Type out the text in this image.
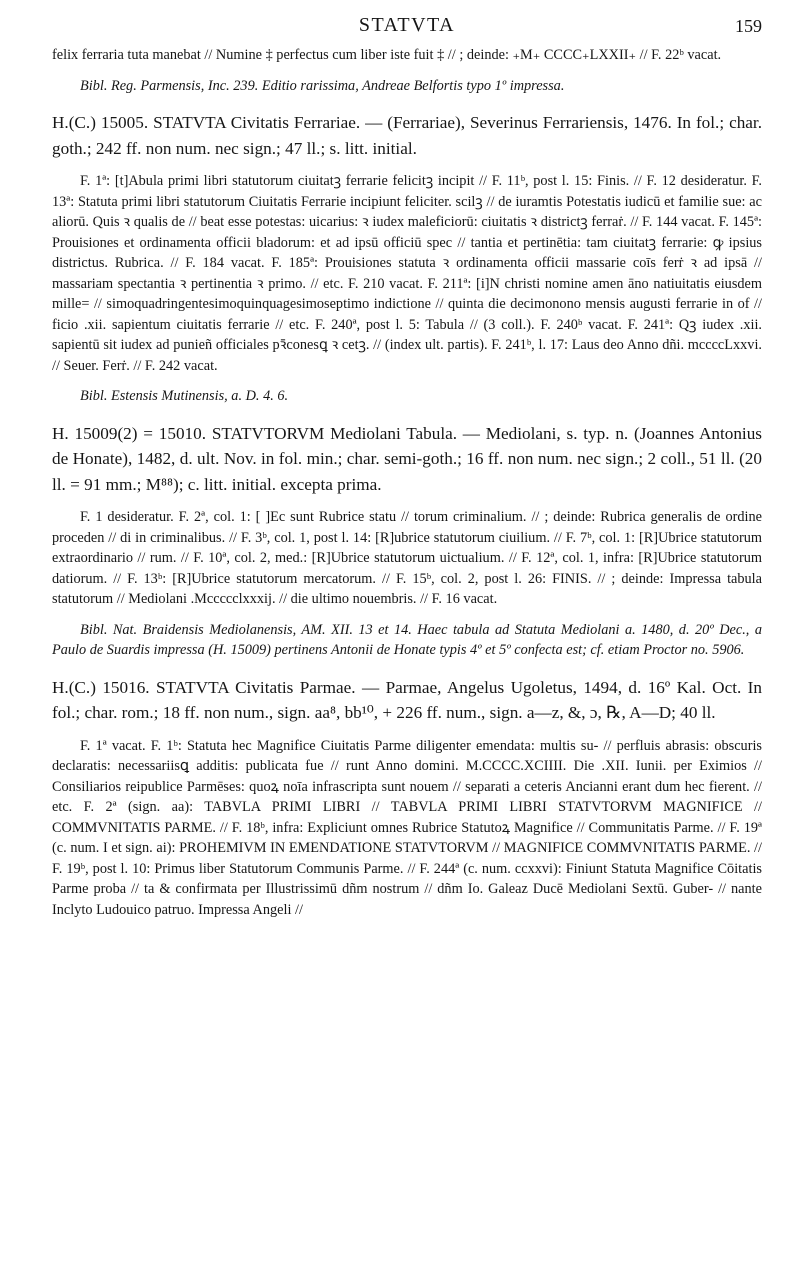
STATVTA	159

felix ferraria tuta manebat // Numine ‡ perfectus cum liber iste fuit ‡ // ; deinde: ₊M₊ CCCC₊LXXII₊ // F. 22ᵇ vacat.

Bibl. Reg. Parmensis, Inc. 239. Editio rarissima, Andreae Belfortis typo 1º impressa.

H.(C.) 15005. STATVTA Civitatis Ferrariae. — (Ferrariae), Severinus Ferrariensis, 1476. In fol.; char. goth.; 242 ff. non num. nec sign.; 47 ll.; s. litt. initial.

F. 1ª: [t]Abula primi libri statutorum ciuitatꝫ ferrarie felicitꝫ incipit // F. 11ᵇ, post l. 15: Finis. // F. 12 desideratur. F. 13ª: Statuta primi libri statutorum Ciuitatis Ferrarie incipiunt feliciter. scilꝫ // de iuramtis Potestatis iudicū et familie sue: ac aliorū. Quis ꝛ qualis de // beat esse potestas: uicarius: ꝛ iudex maleficiorū: ciuitatis ꝛ districtꝫ ferraṙ. // F. 144 vacat. F. 145ª: Prouisiones et ordinamenta officii bladorum: et ad ipsū officiū spec // tantia et pertinētia: tam ciuitatꝫ ferrarie: ꝙ ipsius districtus. Rubrica. // F. 184 vacat. F. 185ª: Prouisiones statuta ꝛ ordinamenta officii massarie coīs ferṙ ꝛ ad ipsā // massariam spectantia ꝛ pertinentia ꝛ primo. // etc. F. 210 vacat. F. 211ª: [i]N christi nomine amen āno natiuitatis eiusdem mille= // simoquadringentesimoquinquagesimoseptimo indictione // quinta die decimonono mensis augusti ferrarie in of // ficio .xii. sapientum ciuitatis ferrarie // etc. F. 240ª, post l. 5: Tabula // (3 coll.). F. 240ᵇ vacat. F. 241ª: Qꝫ iudex .xii. sapientū sit iudex ad punieñ officiales pꝛ̄conesꝗ ꝛ cetꝫ. // (index ult. partis). F. 241ᵇ, l. 17: Laus deo Anno dñi. mccccLxxvi. // Seuer. Ferṙ. // F. 242 vacat.

Bibl. Estensis Mutinensis, a. D. 4. 6.

H. 15009(2) = 15010. STATVTORVM Mediolani Tabula. — Mediolani, s. typ. n. (Joannes Antonius de Honate), 1482, d. ult. Nov. in fol. min.; char. semi-goth.; 16 ff. non num. nec sign.; 2 coll., 51 ll. (20 ll. = 91 mm.; M⁸⁸); c. litt. initial. excepta prima.

F. 1 desideratur. F. 2ª, col. 1: [ ]Ec sunt Rubrice statu // torum criminalium. // ; deinde: Rubrica generalis de ordine proceden // di in criminalibus. // F. 3ᵇ, col. 1, post l. 14: [R]ubrice statutorum ciuilium. // F. 7ᵇ, col. 1: [R]Ubrice statutorum extraordinario // rum. // F. 10ª, col. 2, med.: [R]Ubrice statutorum uictualium. // F. 12ª, col. 1, infra: [R]Ubrice statutorum datiorum. // F. 13ᵇ: [R]Ubrice statutorum mercatorum. // F. 15ᵇ, col. 2, post l. 26: FINIS. // ; deinde: Impressa tabula statutorum // Mediolani .Mccccclxxxij. // die ultimo nouembris. // F. 16 vacat.

Bibl. Nat. Braidensis Mediolanensis, AM. XII. 13 et 14. Haec tabula ad Statuta Mediolani a. 1480, d. 20º Dec., a Paulo de Suardis impressa (H. 15009) pertinens Antonii de Honate typis 4º et 5º confecta est; cf. etiam Proctor no. 5906.

H.(C.) 15016. STATVTA Civitatis Parmae. — Parmae, Angelus Ugoletus, 1494, d. 16º Kal. Oct. In fol.; char. rom.; 18 ff. non num., sign. aa⁸, bb¹⁰, + 226 ff. num., sign. a—z, &, ɔ, ℞, A—D; 40 ll.

F. 1ª vacat. F. 1ᵇ: Statuta hec Magnifice Ciuitatis Parme diligenter emendata: multis su- // perfluis abrasis: obscuris declaratis: necessariisꝗ additis: publicata fue // runt Anno domini. M.CCCC.XCIIII. Die .XII. Iunii. per Eximios // Consiliarios reipublice Parmēses: quoꝝ noīa infrascripta sunt nouem // separati a ceteris Ancianni erant dum hec fierent. // etc. F. 2ª (sign. aa): TABVLA PRIMI LIBRI // TABVLA PRIMI LIBRI STATVTORVM MAGNIFICE // COMMVNITATIS PARME. // F. 18ᵇ, infra: Expliciunt omnes Rubrice Statutoꝝ Magnifice // Communitatis Parme. // F. 19ª (c. num. I et sign. ai): PROHEMIVM IN EMENDATIONE STATVTORVM // MAGNIFICE COMMVNITATIS PARME. // F. 19ᵇ, post l. 10: Primus liber Statutorum Communis Parme. // F. 244ª (c. num. ccxxvi): Finiunt Statuta Magnifice Cōitatis Parme proba // ta & confirmata per Illustrissimū dñm nostrum // dñm Io. Galeaz Ducē Mediolani Sextū. Guber- // nante Inclyto Ludouico patruo. Impressa Angeli //
